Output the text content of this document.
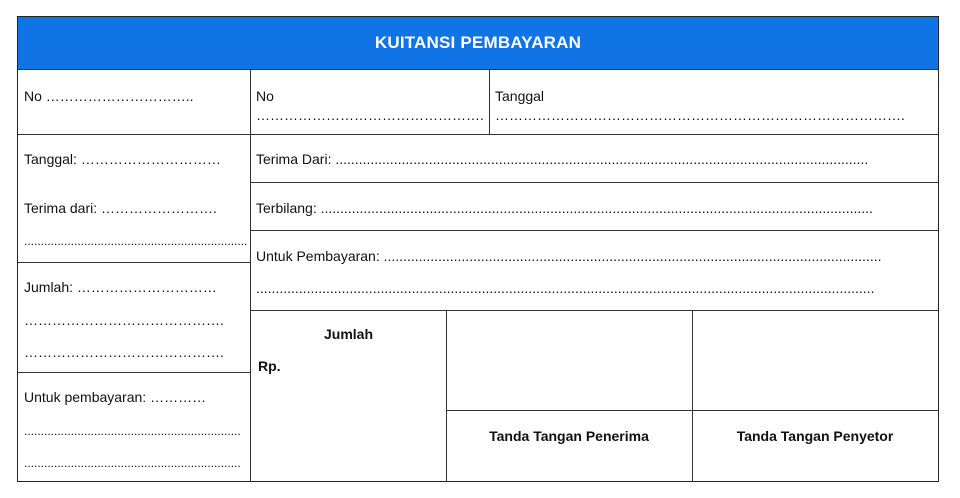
KUITANSI PEMBAYARAN
No …………………………..
Tanggal: …………………………
Terima dari: …………………….
...................................................................
Jumlah: …………………………
…………………………………….
…………………………………….
Untuk pembayaran: …………
.................................................................
.................................................................
No
………………………………………….
Tanggal
…………………………………………………………………………….
Terima Dari: .........................................................................................................................................
Terbilang: ..............................................................................................................................................
Untuk Pembayaran: ................................................................................................................................
...............................................................................................................................................................
Jumlah
Rp.
Tanda Tangan Penerima	Tanda Tangan Penyetor
